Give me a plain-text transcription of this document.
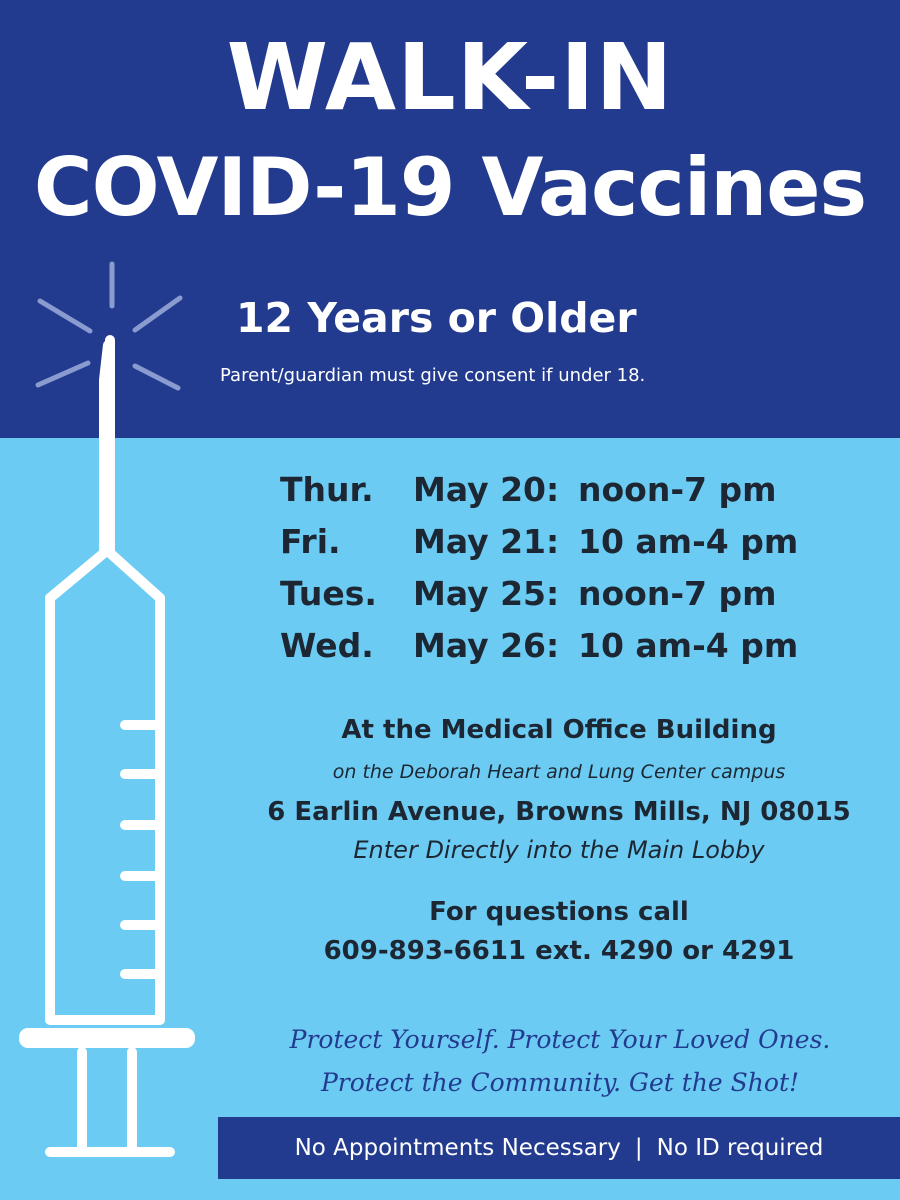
WALK-IN
COVID-19 Vaccines
12 Years or Older
Parent/guardian must give consent if under 18.
Thur. May 20: noon-7 pm
Fri. May 21: 10 am-4 pm
Tues. May 25: noon-7 pm
Wed. May 26: 10 am-4 pm
At the Medical Office Building
on the Deborah Heart and Lung Center campus
6 Earlin Avenue, Browns Mills, NJ 08015
Enter Directly into the Main Lobby
For questions call
609-893-6611 ext. 4290 or 4291
Protect Yourself. Protect Your Loved Ones.
Protect the Community. Get the Shot!
No Appointments Necessary | No ID required
